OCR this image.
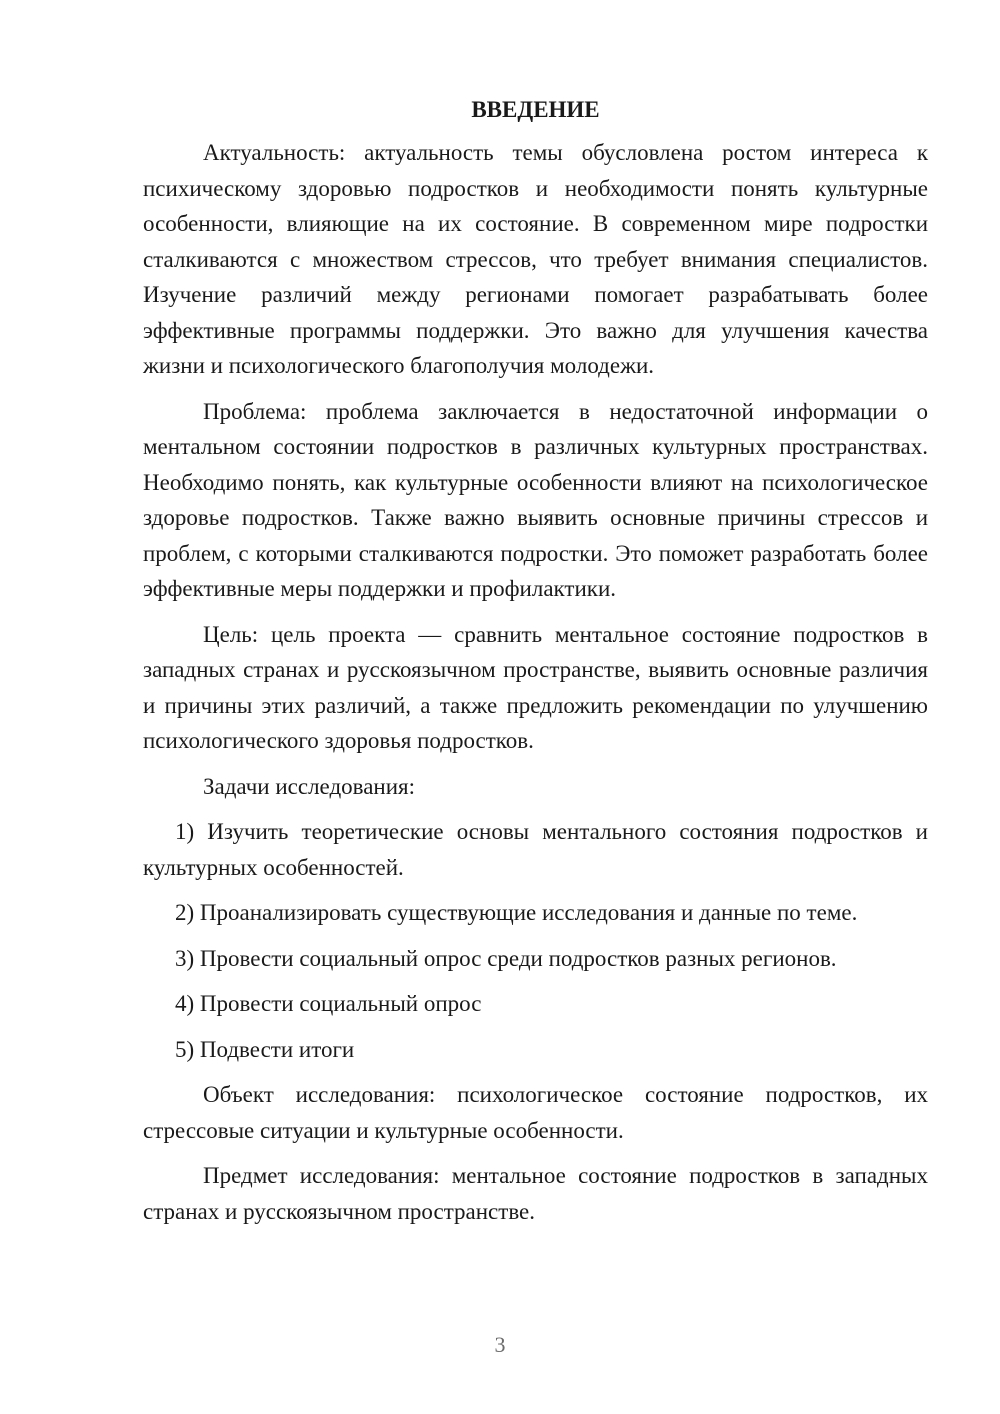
ВВЕДЕНИЕ

Актуальность: актуальность темы обусловлена ростом интереса к психическому здоровью подростков и необходимости понять культурные особенности, влияющие на их состояние. В современном мире подростки сталкиваются с множеством стрессов, что требует внимания специалистов. Изучение различий между регионами помогает разрабатывать более эффективные программы поддержки. Это важно для улучшения качества жизни и психологического благополучия молодежи.

Проблема: проблема заключается в недостаточной информации о ментальном состоянии подростков в различных культурных пространствах. Необходимо понять, как культурные особенности влияют на психологическое здоровье подростков. Также важно выявить основные причины стрессов и проблем, с которыми сталкиваются подростки. Это поможет разработать более эффективные меры поддержки и профилактики.

Цель: цель проекта — сравнить ментальное состояние подростков в западных странах и русскоязычном пространстве, выявить основные различия и причины этих различий, а также предложить рекомендации по улучшению психологического здоровья подростков.

Задачи исследования:

1) Изучить теоретические основы ментального состояния подростков и культурных особенностей.

2) Проанализировать существующие исследования и данные по теме.

3) Провести социальный опрос среди подростков разных регионов.

4) Провести социальный опрос

5) Подвести итоги

Объект исследования: психологическое состояние подростков, их стрессовые ситуации и культурные особенности.

Предмет исследования: ментальное состояние подростков в западных странах и русскоязычном пространстве.

3
